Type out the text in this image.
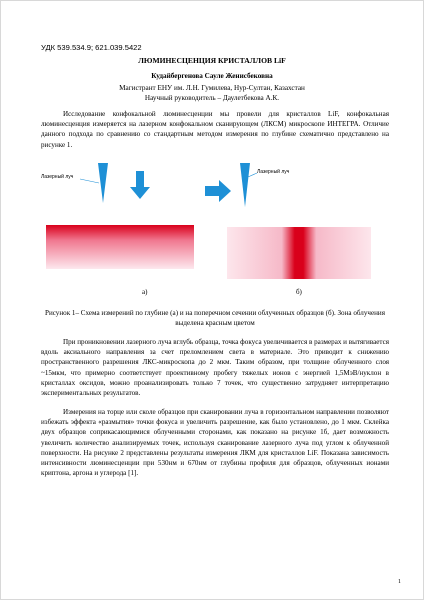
УДК 539.534.9; 621.039.5422
ЛЮМИНЕСЦЕНЦИЯ КРИСТАЛЛОВ LiF
Кудайбергенова Сауле Женисбековна
Магистрант ЕНУ им. Л.Н. Гумилева, Нур-Султан, Казахстан
Научный руководитель – Даулетбекова А.К.

Исследование конфокальной люминесценции мы провели для кристаллов LiF, конфокальная люминесценция измеряется на лазерном конфокальном сканирующем (ЛКСМ) микроскопе ИНТЕГРА. Отличие данного подхода по сравнению со стандартным методом измерения по глубине схематично представлено на рисунке 1.

Лазерный луч
Лазерный луч
а)	б)

Рисунок 1– Схема измерений по глубине (а) и на поперечном сечении облученных образцов (б). Зона облучения выделена красным цветом

При проникновении лазерного луча вглубь образца, точка фокуса увеличивается в размерах и вытягивается вдоль аксиального направления за счет преломлением света в материале. Это приводит к снижению пространственного разрешения ЛКС-микроскопа до 2 мкм. Таким образом, при толщине облученного слоя ~15мкм, что примерно соответствует проективному пробегу тяжелых ионов с энергией 1,5МэВ/нуклон в кристаллах оксидов, можно проанализировать только 7 точек, что существенно затрудняет интерпретацию экспериментальных результатов.

Измерения на торце или сколе образцов при сканировании луча в горизонтальном направлении позволяют избежать эффекта «размытия» точки фокуса и увеличить разрешение, как было установлено, до 1 мкм. Склейка двух образцов соприкасающимися облученными сторонами, как показано на рисунке 1б, дает возможность увеличить количество анализируемых точек, используя сканирование лазерного луча под углом к облученной поверхности. На рисунке 2 представлены результаты измерения ЛКМ для кристаллов LiF. Показана зависимость интенсивности люминесценции при 530нм и 670нм от глубины профиля для образцов, облученных ионами криптона, аргона и углерода [1].

1
